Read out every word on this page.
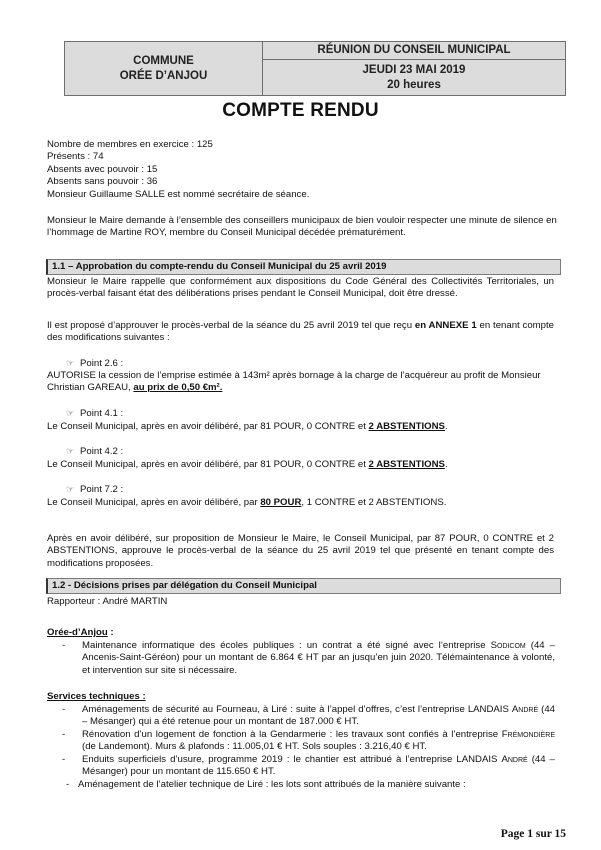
COMMUNE
ORÉE D’ANJOU
RÉUNION DU CONSEIL MUNICIPAL
JEUDI 23 MAI 2019
20 heures
COMPTE RENDU
Nombre de membres en exercice : 125
Présents : 74
Absents avec pouvoir : 15
Absents sans pouvoir : 36
Monsieur Guillaume SALLE est nommé secrétaire de séance.
Monsieur le Maire demande à l’ensemble des conseillers municipaux de bien vouloir respecter une minute de silence en l’hommage de Martine ROY, membre du Conseil Municipal décédée prématurément.
1.1 – Approbation du compte-rendu du Conseil Municipal du 25 avril 2019
Monsieur le Maire rappelle que conformément aux dispositions du Code Général des Collectivités Territoriales, un procès-verbal faisant état des délibérations prises pendant le Conseil Municipal, doit être dressé.
Il est proposé d’approuver le procès-verbal de la séance du 25 avril 2019 tel que reçu en ANNEXE 1 en tenant compte des modifications suivantes :
☞ Point 2.6 :
AUTORISE la cession de l’emprise estimée à 143m² après bornage à la charge de l’acquéreur au profit de Monsieur Christian GAREAU, au prix de 0,50 €m².
☞ Point 4.1 :
Le Conseil Municipal, après en avoir délibéré, par 81 POUR, 0 CONTRE et 2 ABSTENTIONS.
☞ Point 4.2 :
Le Conseil Municipal, après en avoir délibéré, par 81 POUR, 0 CONTRE et 2 ABSTENTIONS.
☞ Point 7.2 :
Le Conseil Municipal, après en avoir délibéré, par 80 POUR, 1 CONTRE et 2 ABSTENTIONS.
Après en avoir délibéré, sur proposition de Monsieur le Maire, le Conseil Municipal, par 87 POUR, 0 CONTRE et 2 ABSTENTIONS, approuve le procès-verbal de la séance du 25 avril 2019 tel que présenté en tenant compte des modifications proposées.
1.2 - Décisions prises par délégation du Conseil Municipal
Rapporteur : André MARTIN
Orée-d’Anjou :
- Maintenance informatique des écoles publiques : un contrat a été signé avec l’entreprise Sodicom (44 – Ancenis-Saint-Géréon) pour un montant de 6.864 € HT par an jusqu’en juin 2020. Télémaintenance à volonté, et intervention sur site si nécessaire.
Services techniques :
- Aménagements de sécurité au Fourneau, à Liré : suite à l’appel d’offres, c’est l’entreprise LANDAIS André (44 – Mésanger) qui a été retenue pour un montant de 187.000 € HT.
- Rénovation d’un logement de fonction à la Gendarmerie : les travaux sont confiés à l’entreprise Frémondière (de Landemont). Murs & plafonds : 11.005,01 € HT. Sols souples : 3.216,40 € HT.
- Enduits superficiels d’usure, programme 2019 : le chantier est attribué à l’entreprise LANDAIS André (44 – Mésanger) pour un montant de 115.650 € HT.
- Aménagement de l’atelier technique de Liré : les lots sont attribués de la manière suivante :
Page 1 sur 15
